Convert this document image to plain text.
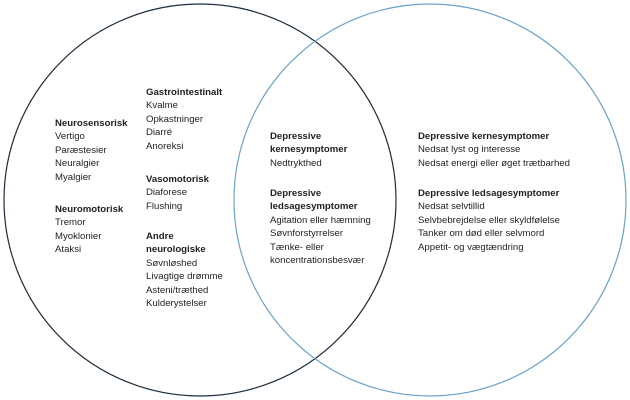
Neurosensorisk
Vertigo
Paræstesier
Neuralgier
Myalgier
Neuromotorisk
Tremor
Myoklonier
Ataksi
Gastrointestinalt
Kvalme
Opkastninger
Diarré
Anoreksi
Vasomotorisk
Diaforese
Flushing
Andre
neurologiske
Søvnløshed
Livagtige drømme
Asteni/træthed
Kulderystelser
Depressive
kernesymptomer
Nedtrykthed
Depressive
ledsagesymptomer
Agitation eller hæmning
Søvnforstyrrelser
Tænke- eller
koncentrationsbesvær
Depressive kernesymptomer
Nedsat lyst og interesse
Nedsat energi eller øget trætbarhed
Depressive ledsagesymptomer
Nedsat selvtillid
Selvbebrejdelse eller skyldfølelse
Tanker om død eller selvmord
Appetit- og vægtændring
